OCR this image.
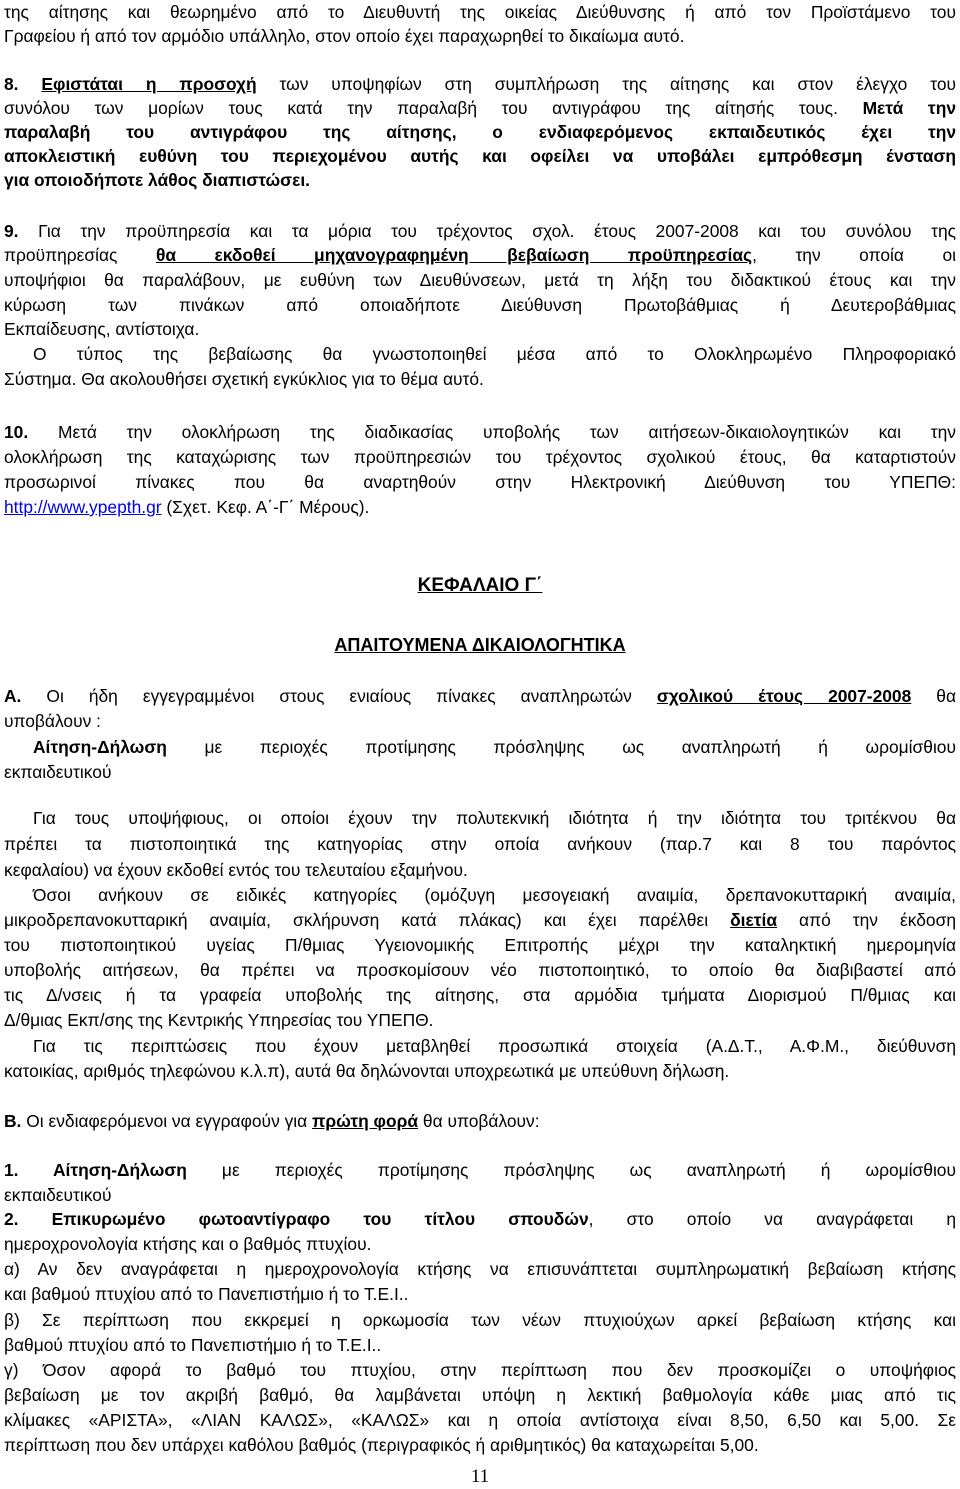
της αίτησης και θεωρημένο από το Διευθυντή της οικείας Διεύθυνσης ή από τον Προϊστάμενο του
Γραφείου ή από τον αρμόδιο υπάλληλο, στον οποίο έχει παραχωρηθεί το δικαίωμα αυτό.
8. Εφιστάται η προσοχή των υποψηφίων στη συμπλήρωση της αίτησης και στον έλεγχο του
συνόλου των μορίων τους κατά την παραλαβή του αντιγράφου της αίτησής τους. Μετά την
παραλαβή του αντιγράφου της αίτησης, ο ενδιαφερόμενος εκπαιδευτικός έχει την
αποκλειστική ευθύνη του περιεχομένου αυτής και οφείλει να υποβάλει εμπρόθεσμη ένσταση
για οποιοδήποτε λάθος διαπιστώσει.
9. Για την προϋπηρεσία και τα μόρια του τρέχοντος σχολ. έτους 2007-2008 και του συνόλου της
προϋπηρεσίας θα εκδοθεί μηχανογραφημένη βεβαίωση προϋπηρεσίας, την οποία οι
υποψήφιοι θα παραλάβουν, με ευθύνη των Διευθύνσεων, μετά τη λήξη του διδακτικού έτους και την
κύρωση των πινάκων από οποιαδήποτε Διεύθυνση Πρωτοβάθμιας ή Δευτεροβάθμιας
Εκπαίδευσης, αντίστοιχα.
Ο τύπος της βεβαίωσης θα γνωστοποιηθεί μέσα από το Ολοκληρωμένο Πληροφοριακό
Σύστημα. Θα ακολουθήσει σχετική εγκύκλιος για το θέμα αυτό.
10. Μετά την ολοκλήρωση της διαδικασίας υποβολής των αιτήσεων-δικαιολογητικών και την
ολοκλήρωση της καταχώρισης των προϋπηρεσιών του τρέχοντος σχολικού έτους, θα καταρτιστούν
προσωρινοί πίνακες που θα αναρτηθούν στην Ηλεκτρονική Διεύθυνση του ΥΠΕΠΘ:
http://www.ypepth.gr (Σχετ. Κεφ. Α΄-Γ΄ Μέρους).
ΚΕΦΑΛΑΙΟ Γ΄
ΑΠΑΙΤΟΥΜΕΝΑ ΔΙΚΑΙΟΛΟΓΗΤΙΚΑ
Α. Οι ήδη εγγεγραμμένοι στους ενιαίους πίνακες αναπληρωτών σχολικού έτους 2007-2008 θα
υποβάλουν :
Αίτηση-Δήλωση με περιοχές προτίμησης πρόσληψης ως αναπληρωτή ή ωρομίσθιου
εκπαιδευτικού
Για τους υποψήφιους, οι οποίοι έχουν την πολυτεκνική ιδιότητα ή την ιδιότητα του τριτέκνου θα
πρέπει τα πιστοποιητικά της κατηγορίας στην οποία ανήκουν (παρ.7 και 8 του παρόντος
κεφαλαίου) να έχουν εκδοθεί εντός του τελευταίου εξαμήνου.
Όσοι ανήκουν σε ειδικές κατηγορίες (ομόζυγη μεσογειακή αναιμία, δρεπανοκυτταρική αναιμία,
μικροδρεπανοκυτταρική αναιμία, σκλήρυνση κατά πλάκας) και έχει παρέλθει διετία από την έκδοση
του πιστοποιητικού υγείας Π/θμιας Υγειονομικής Επιτροπής μέχρι την καταληκτική ημερομηνία
υποβολής αιτήσεων, θα πρέπει να προσκομίσουν νέο πιστοποιητικό, το οποίο θα διαβιβαστεί από
τις Δ/νσεις ή τα γραφεία υποβολής της αίτησης, στα αρμόδια τμήματα Διορισμού Π/θμιας και
Δ/θμιας Εκπ/σης της Κεντρικής Υπηρεσίας του ΥΠΕΠΘ.
Για τις περιπτώσεις που έχουν μεταβληθεί προσωπικά στοιχεία (Α.Δ.Τ., Α.Φ.Μ., διεύθυνση
κατοικίας, αριθμός τηλεφώνου κ.λ.π), αυτά θα δηλώνονται υποχρεωτικά με υπεύθυνη δήλωση.
Β. Οι ενδιαφερόμενοι να εγγραφούν για πρώτη φορά θα υποβάλουν:
1. Αίτηση-Δήλωση με περιοχές προτίμησης πρόσληψης ως αναπληρωτή ή ωρομίσθιου
εκπαιδευτικού
2. Επικυρωμένο φωτοαντίγραφο του τίτλου σπουδών, στο οποίο να αναγράφεται η
ημεροχρονολογία κτήσης και ο βαθμός πτυχίου.
α) Αν δεν αναγράφεται η ημεροχρονολογία κτήσης να επισυνάπτεται συμπληρωματική βεβαίωση κτήσης
και βαθμού πτυχίου από το Πανεπιστήμιο ή το Τ.Ε.Ι..
β) Σε περίπτωση που εκκρεμεί η ορκωμοσία των νέων πτυχιούχων αρκεί βεβαίωση κτήσης και
βαθμού πτυχίου από το Πανεπιστήμιο ή το Τ.Ε.Ι..
γ) Όσον αφορά το βαθμό του πτυχίου, στην περίπτωση που δεν προσκομίζει ο υποψήφιος
βεβαίωση με τον ακριβή βαθμό, θα λαμβάνεται υπόψη η λεκτική βαθμολογία κάθε μιας από τις
κλίμακες «ΑΡΙΣΤΑ», «ΛΙΑΝ ΚΑΛΩΣ», «ΚΑΛΩΣ» και η οποία αντίστοιχα είναι 8,50, 6,50 και 5,00. Σε
περίπτωση που δεν υπάρχει καθόλου βαθμός (περιγραφικός ή αριθμητικός) θα καταχωρείται 5,00.
11
